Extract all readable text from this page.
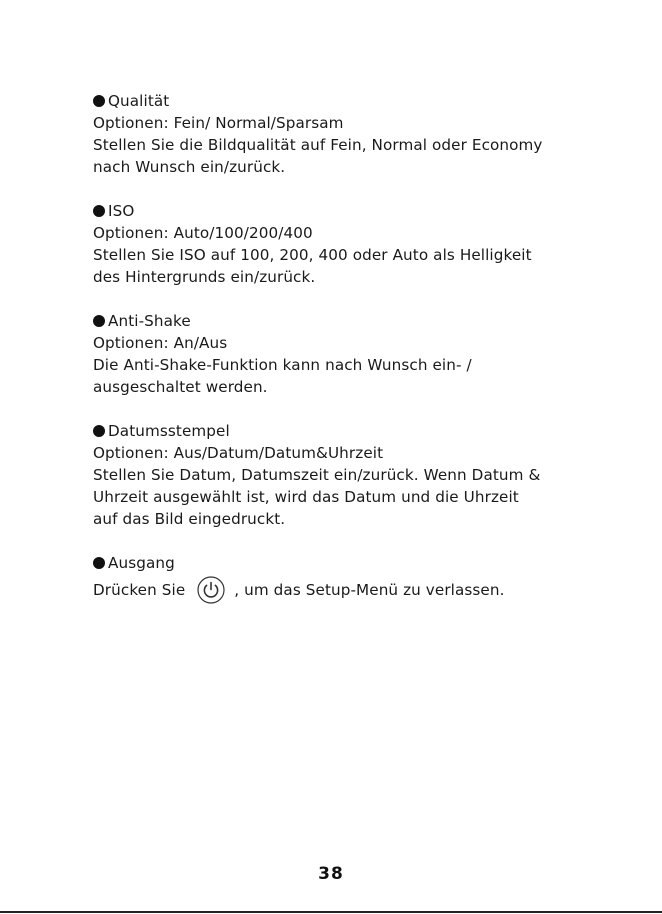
Qualität
Optionen: Fein/ Normal/Sparsam
Stellen Sie die Bildqualität auf Fein, Normal oder Economy
nach Wunsch ein/zurück.
ISO
Optionen: Auto/100/200/400
Stellen Sie ISO auf 100, 200, 400 oder Auto als Helligkeit
des Hintergrunds ein/zurück.
Anti-Shake
Optionen: An/Aus
Die Anti-Shake-Funktion kann nach Wunsch ein- /
ausgeschaltet werden.
Datumsstempel
Optionen: Aus/Datum/Datum&Uhrzeit
Stellen Sie Datum, Datumszeit ein/zurück. Wenn Datum &
Uhrzeit ausgewählt ist, wird das Datum und die Uhrzeit
auf das Bild eingedruckt.
Ausgang
Drücken Sie	, um das Setup-Menü zu verlassen.
38
